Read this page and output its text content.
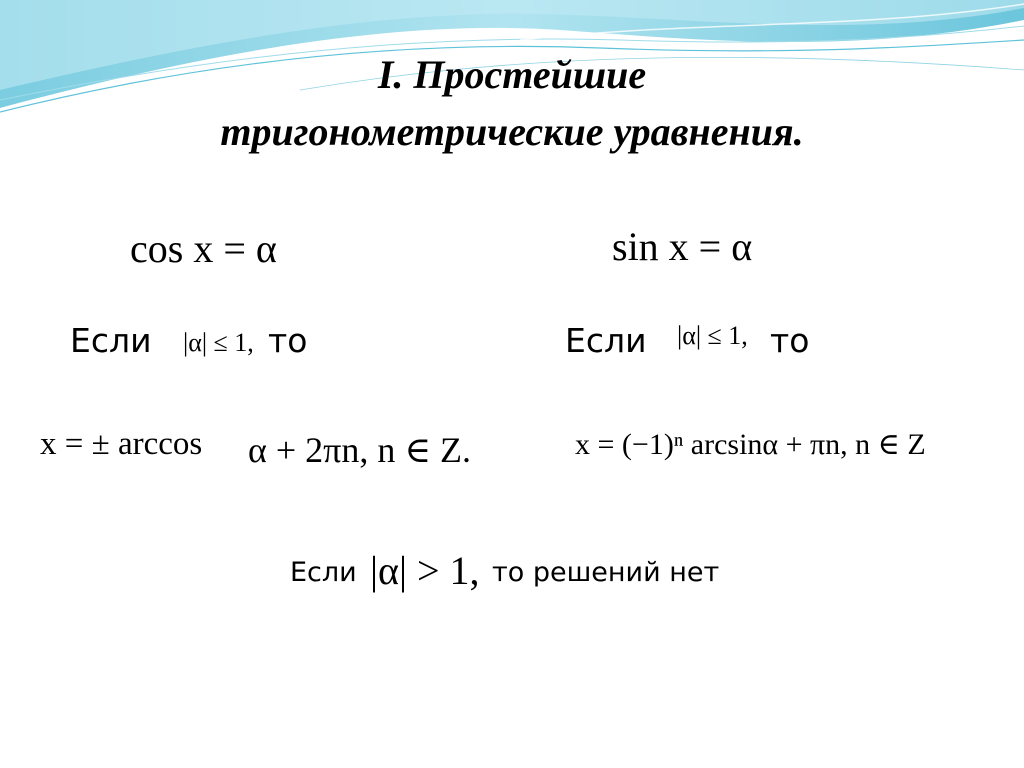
I. Простейшие
тригонометрические уравнения.
cos x = α
Если |α| ≤ 1, то
x = ± arccos α + 2πn, n ∈ Z.
sin x = α
Если |α| ≤ 1, то
x = (−1)ⁿ arcsinα + πn, n ∈ Z
Если |α| > 1, то решений нет
